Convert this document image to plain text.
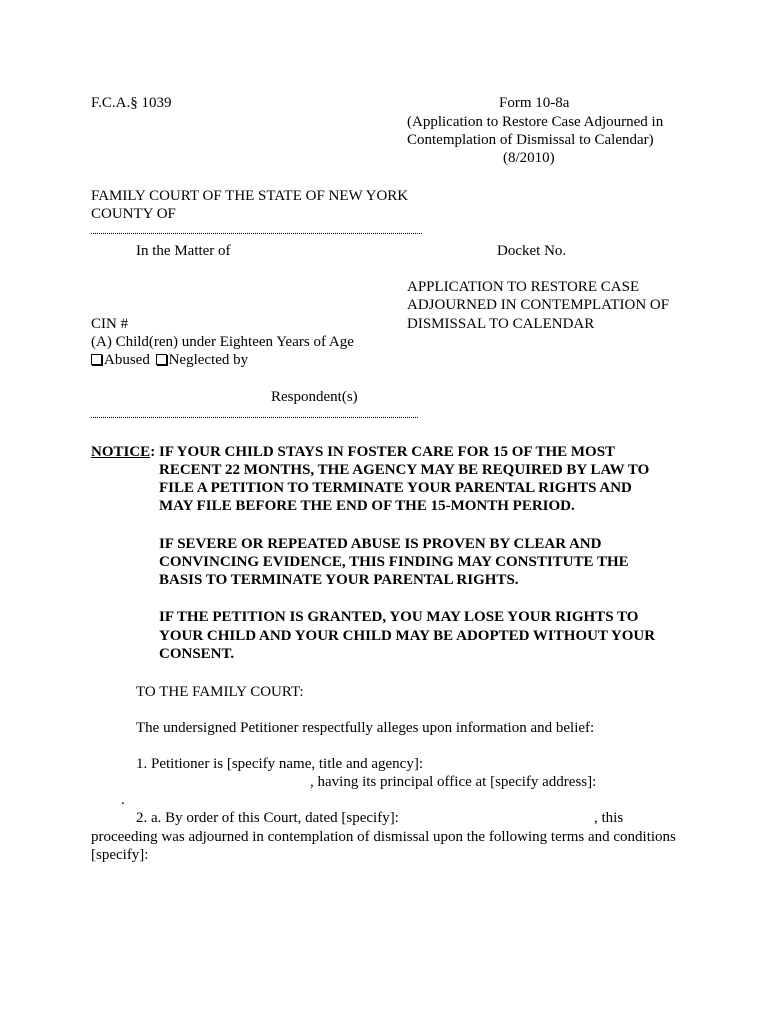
F.C.A.§ 1039	Form 10-8a
(Application to Restore Case Adjourned in
Contemplation of Dismissal to Calendar)
(8/2010)
FAMILY COURT OF THE STATE OF NEW YORK
COUNTY OF
In the Matter of	Docket No.
APPLICATION TO RESTORE CASE
ADJOURNED IN CONTEMPLATION OF
DISMISSAL TO CALENDAR
CIN #
(A) Child(ren) under Eighteen Years of Age
Abused Neglected by
Respondent(s)
NOTICE: IF YOUR CHILD STAYS IN FOSTER CARE FOR 15 OF THE MOST
RECENT 22 MONTHS, THE AGENCY MAY BE REQUIRED BY LAW TO
FILE A PETITION TO TERMINATE YOUR PARENTAL RIGHTS AND
MAY FILE BEFORE THE END OF THE 15-MONTH PERIOD.
IF SEVERE OR REPEATED ABUSE IS PROVEN BY CLEAR AND
CONVINCING EVIDENCE, THIS FINDING MAY CONSTITUTE THE
BASIS TO TERMINATE YOUR PARENTAL RIGHTS.
IF THE PETITION IS GRANTED, YOU MAY LOSE YOUR RIGHTS TO
YOUR CHILD AND YOUR CHILD MAY BE ADOPTED WITHOUT YOUR
CONSENT.
TO THE FAMILY COURT:
The undersigned Petitioner respectfully alleges upon information and belief:
1. Petitioner is [specify name, title and agency]:
, having its principal office at [specify address]:
.
2. a. By order of this Court, dated [specify]:	, this
proceeding was adjourned in contemplation of dismissal upon the following terms and conditions
[specify]:
